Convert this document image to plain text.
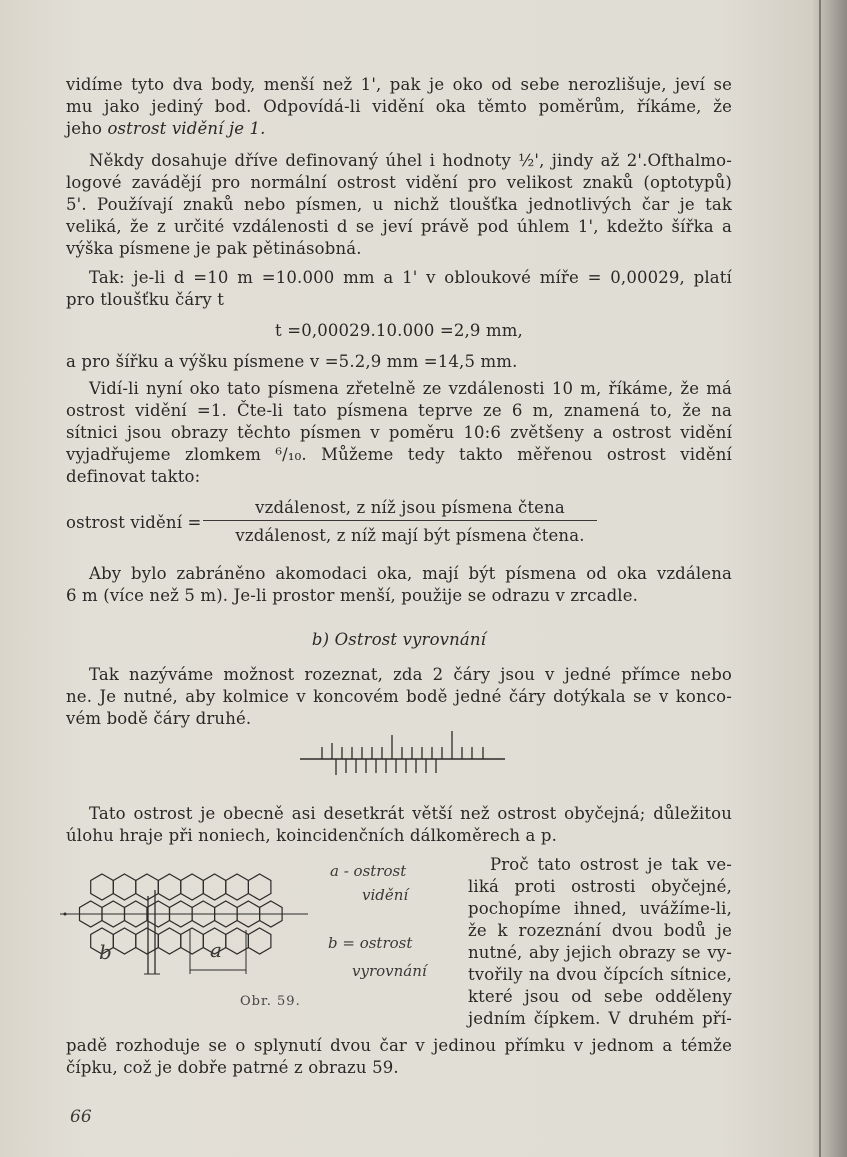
vidíme tyto dva body, menší než 1', pak je oko od sebe nerozlišuje, jeví se
mu jako jediný bod. Odpovídá-li vidění oka těmto poměrům, říkáme, že
jeho ostrost vidění je 1.
Někdy dosahuje dříve definovaný úhel i hodnoty ½', jindy až 2'.Ofthalmo-
logové zavádějí pro normální ostrost vidění pro velikost znaků (optotypů)
5'. Používají znaků nebo písmen, u nichž tloušťka jednotlivých čar je tak
veliká, že z určité vzdálenosti d se jeví právě pod úhlem 1', kdežto šířka a
výška písmene je pak pětinásobná.
Tak: je-li d =10 m =10.000 mm a 1' v obloukové míře = 0,00029, platí
pro tloušťku čáry t
t =0,00029.10.000 =2,9 mm,
a pro šířku a výšku písmene v =5.2,9 mm =14,5 mm.
Vidí-li nyní oko tato písmena zřetelně ze vzdálenosti 10 m, říkáme, že má
ostrost vidění =1. Čte-li tato písmena teprve ze 6 m, znamená to, že na
sítnici jsou obrazy těchto písmen v poměru 10:6 zvětšeny a ostrost vidění
vyjadřujeme zlomkem ⁶/₁₀. Můžeme tedy takto měřenou ostrost vidění
definovat takto:
ostrost vidění =
vzdálenost, z níž jsou písmena čtena
vzdálenost, z níž mají být písmena čtena.
Aby bylo zabráněno akomodaci oka, mají být písmena od oka vzdálena
6 m (více než 5 m). Je-li prostor menší, použije se odrazu v zrcadle.
b) Ostrost vyrovnání
Tak nazýváme možnost rozeznat, zda 2 čáry jsou v jedné přímce nebo
ne. Je nutné, aby kolmice v koncovém bodě jedné čáry dotýkala se v konco-
vém bodě čáry druhé.
Tato ostrost je obecně asi desetkrát větší než ostrost obyčejná; důležitou
úlohu hraje při noniech, koincidenčních dálkoměrech a p.
b	a
Obr. 59.
a - ostrost
vidění
b = ostrost
vyrovnání
Proč tato ostrost je tak ve-
liká proti ostrosti obyčejné,
pochopíme ihned, uvážíme-li,
že k rozeznání dvou bodů je
nutné, aby jejich obrazy se vy-
tvořily na dvou čípcích sítnice,
které jsou od sebe odděleny
jedním čípkem. V druhém pří-
padě rozhoduje se o splynutí dvou čar v jedinou přímku v jednom a témže
čípku, což je dobře patrné z obrazu 59.
66
